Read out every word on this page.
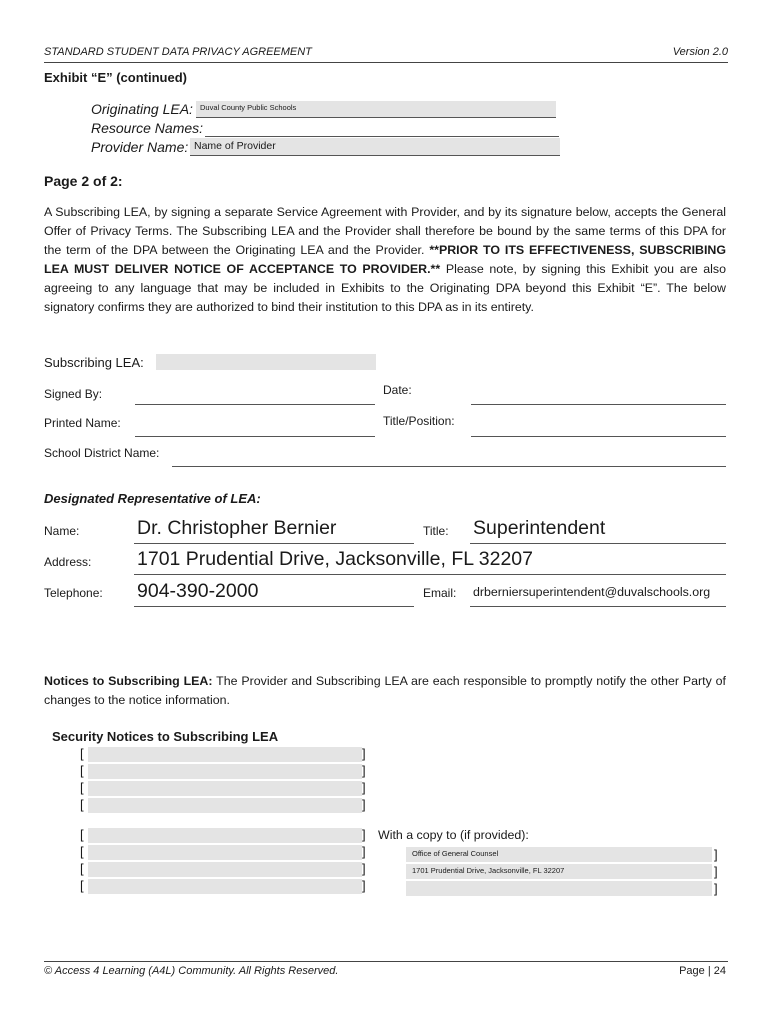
STANDARD STUDENT DATA PRIVACY AGREEMENT	Version 2.0
Exhibit “E” (continued)
Originating LEA: Duval County Public Schools
Resource Names:
Provider Name: Name of Provider
Page 2 of 2:
A Subscribing LEA, by signing a separate Service Agreement with Provider, and by its signature below, accepts the General Offer of Privacy Terms. The Subscribing LEA and the Provider shall therefore be bound by the same terms of this DPA for the term of the DPA between the Originating LEA and the Provider. **PRIOR TO ITS EFFECTIVENESS, SUBSCRIBING LEA MUST DELIVER NOTICE OF ACCEPTANCE TO PROVIDER.** Please note, by signing this Exhibit you are also agreeing to any language that may be included in Exhibits to the Originating DPA beyond this Exhibit “E”. The below signatory confirms they are authorized to bind their institution to this DPA as in its entirety.
Subscribing LEA:
Signed By:	Date:
Printed Name:	Title/Position:
School District Name:
Designated Representative of LEA:
Name:	Dr. Christopher Bernier	Title: Superintendent
Address: 1701 Prudential Drive, Jacksonville, FL 32207
Telephone: 904-390-2000	Email: drberniersuperintendent@duvalschools.org
Notices to Subscribing LEA: The Provider and Subscribing LEA are each responsible to promptly notify the other Party of changes to the notice information.
Security Notices to Subscribing LEA
[	]
[	]
[	]
[	]
[	]
[	]
[	]
[	]
With a copy to (if provided):
Office of General Counsel	]
1701 Prudential Drive, Jacksonville, FL 32207	]
]
© Access 4 Learning (A4L) Community. All Rights Reserved.	Page | 24
